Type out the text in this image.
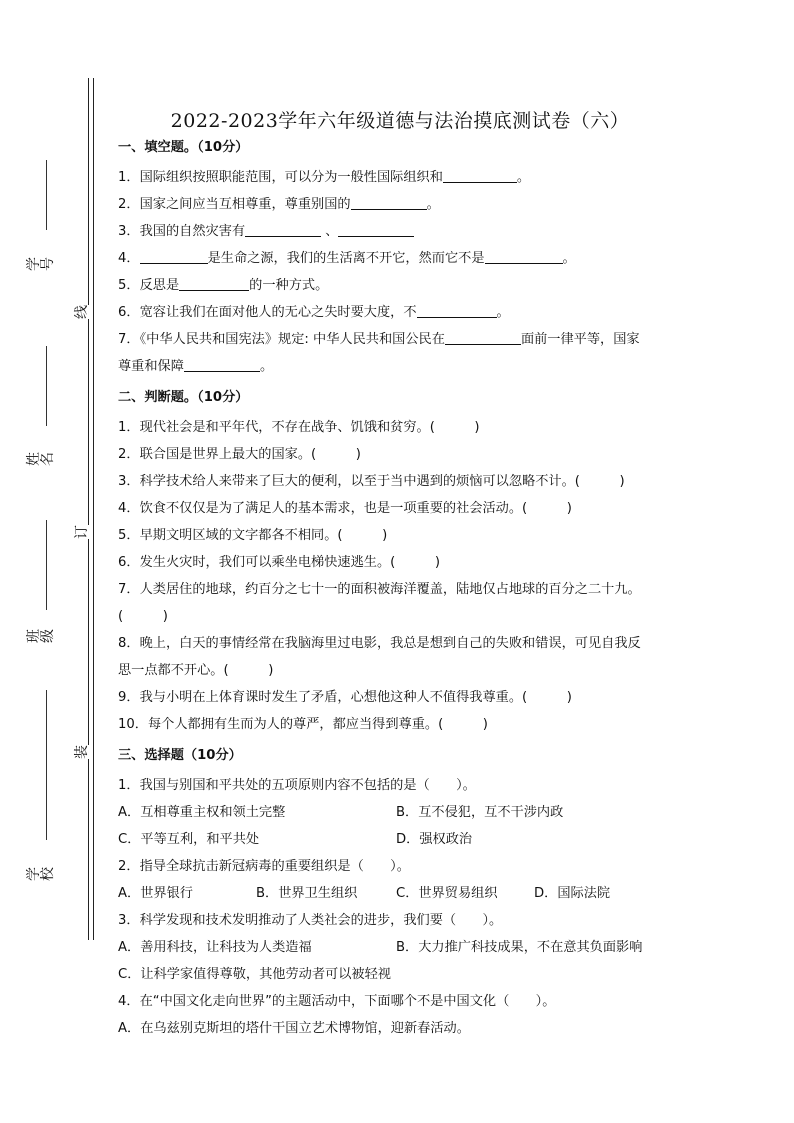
学号
姓名
班级
学校
线
订
装
2022-2023学年六年级道德与法治摸底测试卷（六）
一、填空题。（10分）
1．国际组织按照职能范围，可以分为一般性国际组织和	。
2．国家之间应当互相尊重，尊重别国的	。
3．我国的自然灾害有	、
4．	是生命之源，我们的生活离不开它，然而它不是	。
5．反思是	的一种方式。
6．宽容让我们在面对他人的无心之失时要大度，不	。
7．《中华人民共和国宪法》规定: 中华人民共和国公民在	面前一律平等，国家
尊重和保障	。
二、判断题。（10分）
1．现代社会是和平年代，不存在战争、饥饿和贫穷。(　　　)
2．联合国是世界上最大的国家。(　　　)
3．科学技术给人来带来了巨大的便利，以至于当中遇到的烦恼可以忽略不计。(　　　)
4．饮食不仅仅是为了满足人的基本需求，也是一项重要的社会活动。(　　　)
5．早期文明区域的文字都各不相同。(　　　)
6．发生火灾时，我们可以乘坐电梯快速逃生。(　　　)
7．人类居住的地球，约百分之七十一的面积被海洋覆盖，陆地仅占地球的百分之二十九。
(　　　)
8．晚上，白天的事情经常在我脑海里过电影，我总是想到自己的失败和错误，可见自我反
思一点都不开心。(　　　)
9．我与小明在上体育课时发生了矛盾，心想他这种人不值得我尊重。(　　　)
10．每个人都拥有生而为人的尊严，都应当得到尊重。(　　　)
三、选择题（10分）
1．我国与别国和平共处的五项原则内容不包括的是（　　）。
A．互相尊重主权和领土完整	B．互不侵犯，互不干涉内政
C．平等互利，和平共处	D．强权政治
2．指导全球抗击新冠病毒的重要组织是（　　）。
A．世界银行	B．世界卫生组织	C．世界贸易组织	D．国际法院
3．科学发现和技术发明推动了人类社会的进步，我们要（　　）。
A．善用科技，让科技为人类造福	B．大力推广科技成果，不在意其负面影响
C．让科学家值得尊敬，其他劳动者可以被轻视
4．在“中国文化走向世界”的主题活动中，下面哪个不是中国文化（　　）。
A．在乌兹别克斯坦的塔什干国立艺术博物馆，迎新春活动。
